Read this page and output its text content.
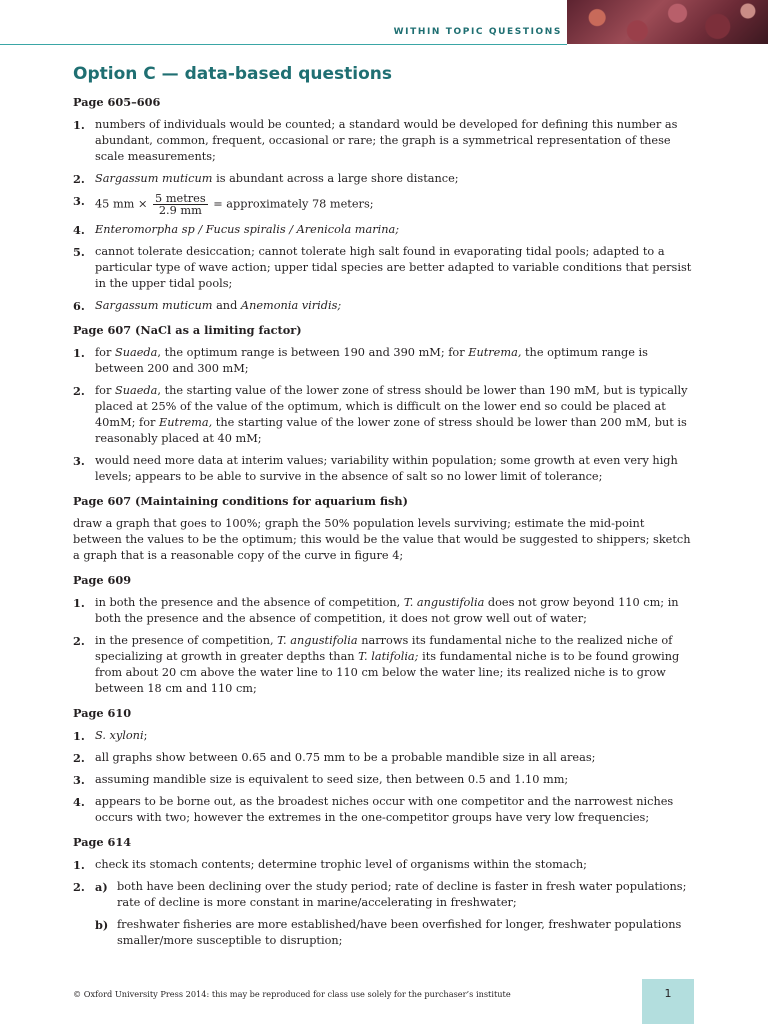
WITHIN TOPIC QUESTIONS
Option C — data-based questions
Page 605–606
1. numbers of individuals would be counted; a standard would be developed for defining this number as abundant, common, frequent, occasional or rare; the graph is a symmetrical representation of these scale measurements;
2. Sargassum muticum is abundant across a large shore distance;
3. 45 mm × $\frac{\text{5 metres}}{2.9 mm}$ = approximately 78 meters;
4. Enteromorpha sp / Fucus spiralis / Arenicola marina;
5. cannot tolerate desiccation; cannot tolerate high salt found in evaporating tidal pools; adapted to a particular type of wave action; upper tidal species are better adapted to variable conditions that persist in the upper tidal pools;
6. Sargassum muticum and Anemonia viridis;
Page 607 (NaCl as a limiting factor)
1. for Suaeda, the optimum range is between 190 and 390 mM; for Eutrema, the optimum range is between 200 and 300 mM;
2. for Suaeda, the starting value of the lower zone of stress should be lower than 190 mM, but is typically placed at 25% of the value of the optimum, which is difficult on the lower end so could be placed at 40mM; for Eutrema, the starting value of the lower zone of stress should be lower than 200 mM, but is reasonably placed at 40 mM;
3. would need more data at interim values; variability within population; some growth at even very high levels; appears to be able to survive in the absence of salt so no lower limit of tolerance;
Page 607 (Maintaining conditions for aquarium fish)
draw a graph that goes to 100%; graph the 50% population levels surviving; estimate the mid-point between the values to be the optimum; this would be the value that would be suggested to shippers; sketch a graph that is a reasonable copy of the curve in figure 4;
Page 609
1. in both the presence and the absence of competition, T. angustifolia does not grow beyond 110 cm; in both the presence and the absence of competition, it does not grow well out of water;
2. in the presence of competition, T. angustifolia narrows its fundamental niche to the realized niche of specializing at growth in greater depths than T. latifolia; its fundamental niche is to be found growing from about 20 cm above the water line to 110 cm below the water line; its realized niche is to grow between 18 cm and 110 cm;
Page 610
1. S. xyloni;
2. all graphs show between 0.65 and 0.75 mm to be a probable mandible size in all areas;
3. assuming mandible size is equivalent to seed size, then between 0.5 and 1.10 mm;
4. appears to be borne out, as the broadest niches occur with one competitor and the narrowest niches occurs with two; however the extremes in the one-competitor groups have very low frequencies;
Page 614
1. check its stomach contents; determine trophic level of organisms within the stomach;
2. a) both have been declining over the study period; rate of decline is faster in fresh water populations; rate of decline is more constant in marine/accelerating in freshwater;
b) freshwater fisheries are more established/have been overfished for longer, freshwater populations smaller/more susceptible to disruption;
© Oxford University Press 2014: this may be reproduced for class use solely for the purchaser’s institute	1
